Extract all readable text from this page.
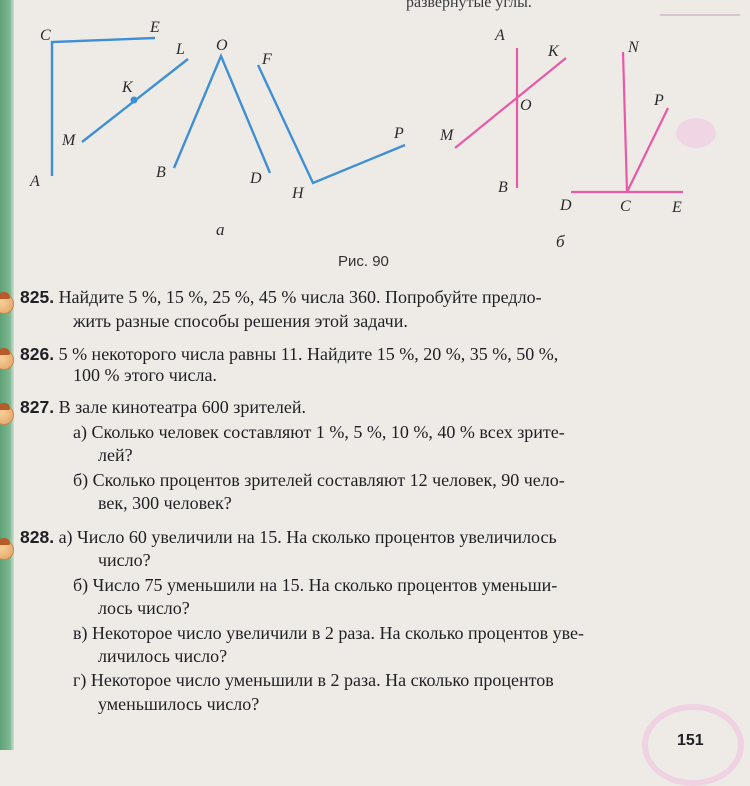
развернутые углы.
C	E
L O
F
K
M
A
B	D
H
P
A
K	N
O
M
P
B
D	C	E
а
б
Рис. 90
825. Найдите 5 %, 15 %, 25 %, 45 % числа 360. Попробуйте предло-
жить разные способы решения этой задачи.
826. 5 % некоторого числа равны 11. Найдите 15 %, 20 %, 35 %, 50 %,
100 % этого числа.
827. В зале кинотеатра 600 зрителей.
а) Сколько человек составляют 1 %, 5 %, 10 %, 40 % всех зрите-
лей?
б) Сколько процентов зрителей составляют 12 человек, 90 чело-
век, 300 человек?
828. а) Число 60 увеличили на 15. На сколько процентов увеличилось
число?
б) Число 75 уменьшили на 15. На сколько процентов уменьши-
лось число?
в) Некоторое число увеличили в 2 раза. На сколько процентов уве-
личилось число?
г) Некоторое число уменьшили в 2 раза. На сколько процентов
уменьшилось число?
151
